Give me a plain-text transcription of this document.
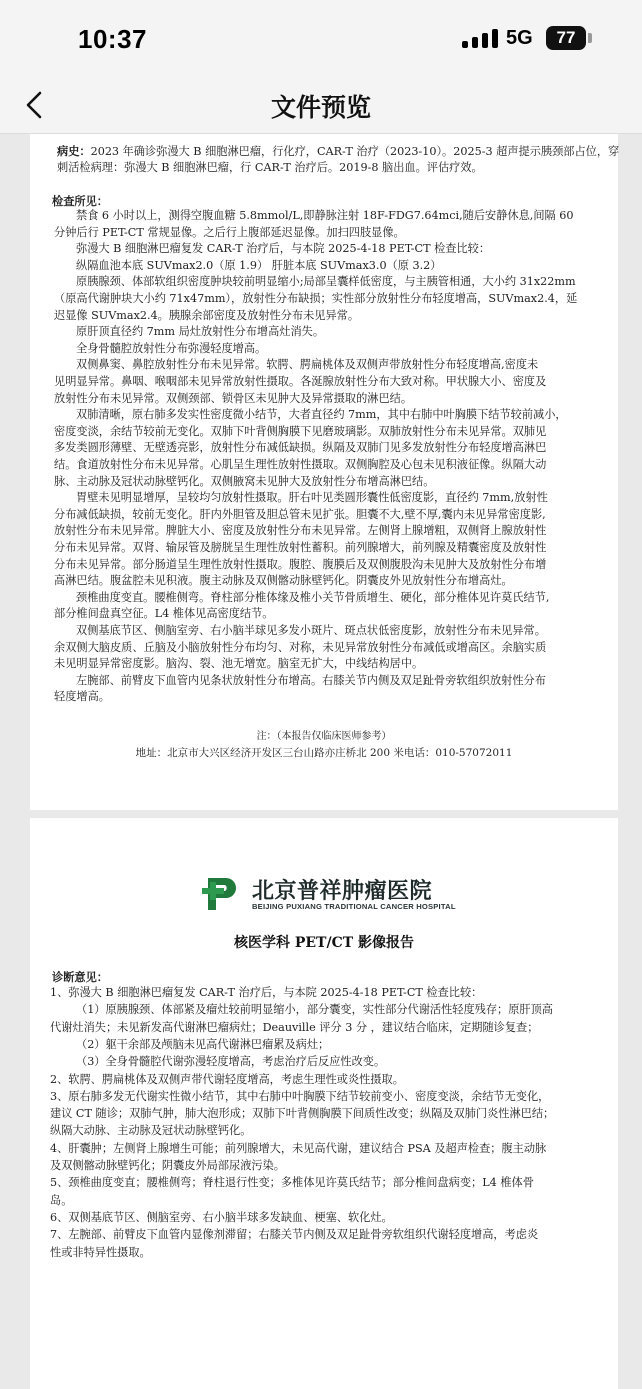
10:37	5G	77
文件预览
病史：2023 年确诊弥漫大 B 细胞淋巴瘤，行化疗，CAR-T 治疗（2023-10）。2025-3 超声提示胰颈部占位，穿
刺活检病理：弥漫大 B 细胞淋巴瘤，行 CAR-T 治疗后。2019-8 脑出血。评估疗效。
检查所见：
禁食 6 小时以上，测得空腹血糖 5.8mmol/L,即静脉注射 18F-FDG7.64mci,随后安静休息,间隔 60
分钟后行 PET-CT 常规显像。之后行上腹部延迟显像。加扫四肢显像。
弥漫大 B 细胞淋巴瘤复发 CAR-T 治疗后，与本院 2025-4-18 PET-CT 检查比较：
纵隔血池本底 SUVmax2.0（原 1.9） 肝脏本底 SUVmax3.0（原 3.2）
原胰腺颈、体部软组织密度肿块较前明显缩小;局部呈囊样低密度，与主胰管相通，大小约 31x22mm
（原高代谢肿块大小约 71x47mm），放射性分布缺损；实性部分放射性分布轻度增高，SUVmax2.4，延
迟显像 SUVmax2.4。胰腺余部密度及放射性分布未见异常。
原肝顶直径约 7mm 局灶放射性分布增高灶消失。
全身骨髓腔放射性分布弥漫轻度增高。
双侧鼻窦、鼻腔放射性分布未见异常。软腭、腭扁桃体及双侧声带放射性分布轻度增高,密度未
见明显异常。鼻咽、喉咽部未见异常放射性摄取。各涎腺放射性分布大致对称。甲状腺大小、密度及
放射性分布未见异常。双侧颈部、锁骨区未见肿大及异常摄取的淋巴结。
双肺清晰，原右肺多发实性密度微小结节，大者直径约 7mm，其中右肺中叶胸膜下结节较前减小，
密度变淡，余结节较前无变化。双肺下叶背侧胸膜下见磨玻璃影。双肺放射性分布未见异常。双肺见
多发类圆形薄壁、无壁透亮影，放射性分布减低缺损。纵隔及双肺门见多发放射性分布轻度增高淋巴
结。食道放射性分布未见异常。心肌呈生理性放射性摄取。双侧胸腔及心包未见积液征像。纵隔大动
脉、主动脉及冠状动脉壁钙化。双侧腋窝未见肿大及放射性分布增高淋巴结。
胃壁未见明显增厚，呈较均匀放射性摄取。肝右叶见类圆形囊性低密度影，直径约 7mm,放射性
分布减低缺损，较前无变化。肝内外胆管及胆总管未见扩张。胆囊不大,壁不厚,囊内未见异常密度影,
放射性分布未见异常。脾脏大小、密度及放射性分布未见异常。左侧肾上腺增粗，双侧肾上腺放射性
分布未见异常。双肾、输尿管及膀胱呈生理性放射性蓄积。前列腺增大，前列腺及精囊密度及放射性
分布未见异常。部分肠道呈生理性放射性摄取。腹腔、腹膜后及双侧腹股沟未见肿大及放射性分布增
高淋巴结。腹盆腔未见积液。腹主动脉及双侧髂动脉壁钙化。阴囊皮外见放射性分布增高灶。
颈椎曲度变直。腰椎侧弯。脊柱部分椎体缘及椎小关节骨质增生、硬化，部分椎体见许莫氏结节,
部分椎间盘真空征。L4 椎体见高密度结节。
双侧基底节区、侧脑室旁、右小脑半球见多发小斑片、斑点状低密度影，放射性分布未见异常。
余双侧大脑皮质、丘脑及小脑放射性分布均匀、对称，未见异常放射性分布减低或增高区。余脑实质
未见明显异常密度影。脑沟、裂、池无增宽。脑室无扩大，中线结构居中。
左腕部、前臂皮下血管内见条状放射性分布增高。右膝关节内侧及双足趾骨旁软组织放射性分布
轻度增高。
注：（本报告仅临床医师参考）
地址：北京市大兴区经济开发区三台山路亦庄桥北 200 米电话：010-57072011
北京普祥肿瘤医院
BEIJING PUXIANG TRADITIONAL CANCER HOSPITAL
核医学科 PET/CT 影像报告
诊断意见：
1、弥漫大 B 细胞淋巴瘤复发 CAR-T 治疗后，与本院 2025-4-18 PET-CT 检查比较：
（1）原胰腺颈、体部紧及瘤灶较前明显缩小，部分囊变，实性部分代谢活性轻度残存；原肝顶高
代谢灶消失；未见新发高代谢淋巴瘤病灶；Deauville 评分 3 分 ，建议结合临床，定期随诊复查；
（2）躯干余部及颅脑未见高代谢淋巴瘤累及病灶；
（3）全身骨髓腔代谢弥漫轻度增高，考虑治疗后反应性改变。
2、软腭、腭扁桃体及双侧声带代谢轻度增高，考虑生理性或炎性摄取。
3、原右肺多发无代谢实性微小结节，其中右肺中叶胸膜下结节较前变小、密度变淡，余结节无变化，
建议 CT 随诊；双肺气肿，肺大泡形成；双肺下叶背侧胸膜下间质性改变；纵隔及双肺门炎性淋巴结；
纵隔大动脉、主动脉及冠状动脉壁钙化。
4、肝囊肿；左侧肾上腺增生可能；前列腺增大，未见高代谢，建议结合 PSA 及超声检查；腹主动脉
及双侧髂动脉壁钙化；阴囊皮外局部尿液污染。
5、颈椎曲度变直；腰椎侧弯；脊柱退行性变；多椎体见许莫氏结节；部分椎间盘病变；L4 椎体骨
岛。
6、双侧基底节区、侧脑室旁、右小脑半球多发缺血、梗塞、软化灶。
7、左腕部、前臂皮下血管内显像剂滞留；右膝关节内侧及双足趾骨旁软组织代谢轻度增高，考虑炎
性或非特异性摄取。
